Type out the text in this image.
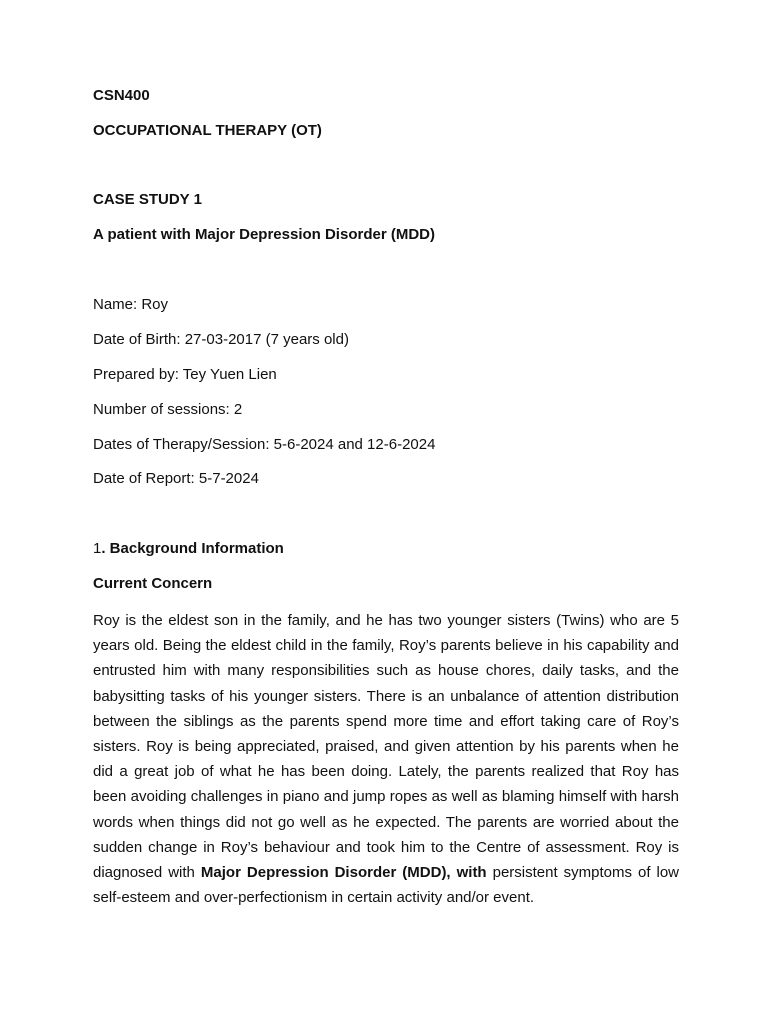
CSN400
OCCUPATIONAL THERAPY (OT)
CASE STUDY 1
A patient with Major Depression Disorder (MDD)
Name: Roy
Date of Birth: 27-03-2017 (7 years old)
Prepared by: Tey Yuen Lien
Number of sessions: 2
Dates of Therapy/Session: 5-6-2024 and 12-6-2024
Date of Report: 5-7-2024
1. Background Information
Current Concern
Roy is the eldest son in the family, and he has two younger sisters (Twins) who are 5 years old. Being the eldest child in the family, Roy’s parents believe in his capability and entrusted him with many responsibilities such as house chores, daily tasks, and the babysitting tasks of his younger sisters. There is an unbalance of attention distribution between the siblings as the parents spend more time and effort taking care of Roy’s sisters. Roy is being appreciated, praised, and given attention by his parents when he did a great job of what he has been doing. Lately, the parents realized that Roy has been avoiding challenges in piano and jump ropes as well as blaming himself with harsh words when things did not go well as he expected. The parents are worried about the sudden change in Roy’s behaviour and took him to the Centre of assessment. Roy is diagnosed with Major Depression Disorder (MDD), with persistent symptoms of low self-esteem and over-perfectionism in certain activity and/or event.
